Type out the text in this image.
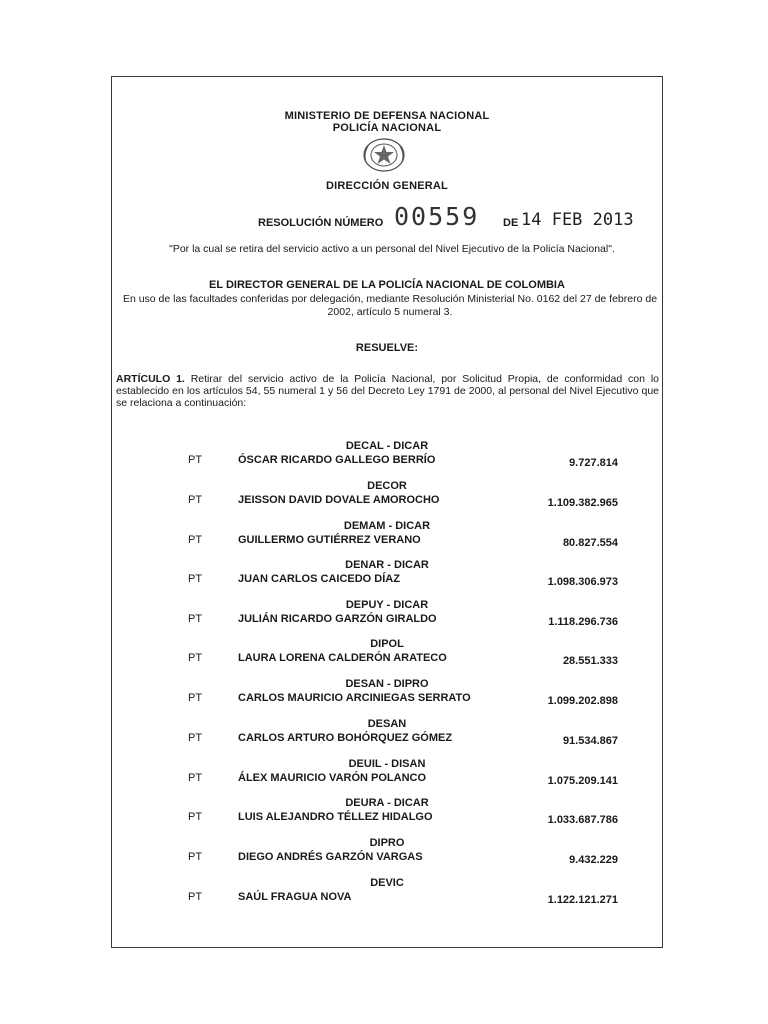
MINISTERIO DE DEFENSA NACIONAL
POLICÍA NACIONAL
DIRECCIÓN GENERAL
RESOLUCIÓN NÚMERO 00559 DE 14 FEB 2013
"Por la cual se retira del servicio activo a un personal del Nivel Ejecutivo de la Policía Nacional".
EL DIRECTOR GENERAL DE LA POLICÍA NACIONAL DE COLOMBIA
En uso de las facultades conferidas por delegación, mediante Resolución Ministerial No. 0162 del 27 de febrero de 2002, artículo 5 numeral 3.
RESUELVE:
ARTÍCULO 1. Retirar del servicio activo de la Policía Nacional, por Solicitud Propia, de conformidad con lo establecido en los artículos 54, 55 numeral 1 y 56 del Decreto Ley 1791 de 2000, al personal del Nivel Ejecutivo que se relaciona a continuación:
DECAL - DICAR
PT	ÓSCAR RICARDO GALLEGO BERRÍO	9.727.814
DECOR
PT	JEISSON DAVID DOVALE AMOROCHO	1.109.382.965
DEMAM - DICAR
PT	GUILLERMO GUTIÉRREZ VERANO	80.827.554
DENAR - DICAR
PT	JUAN CARLOS CAICEDO DÍAZ	1.098.306.973
DEPUY - DICAR
PT	JULIÁN RICARDO GARZÓN GIRALDO	1.118.296.736
DIPOL
PT	LAURA LORENA CALDERÓN ARATECO	28.551.333
DESAN - DIPRO
PT	CARLOS MAURICIO ARCINIEGAS SERRATO	1.099.202.898
DESAN
PT	CARLOS ARTURO BOHÓRQUEZ GÓMEZ	91.534.867
DEUIL - DISAN
PT	ÁLEX MAURICIO VARÓN POLANCO	1.075.209.141
DEURA - DICAR
PT	LUIS ALEJANDRO TÉLLEZ HIDALGO	1.033.687.786
DIPRO
PT	DIEGO ANDRÉS GARZÓN VARGAS	9.432.229
DEVIC
PT	SAÚL FRAGUA NOVA	1.122.121.271
